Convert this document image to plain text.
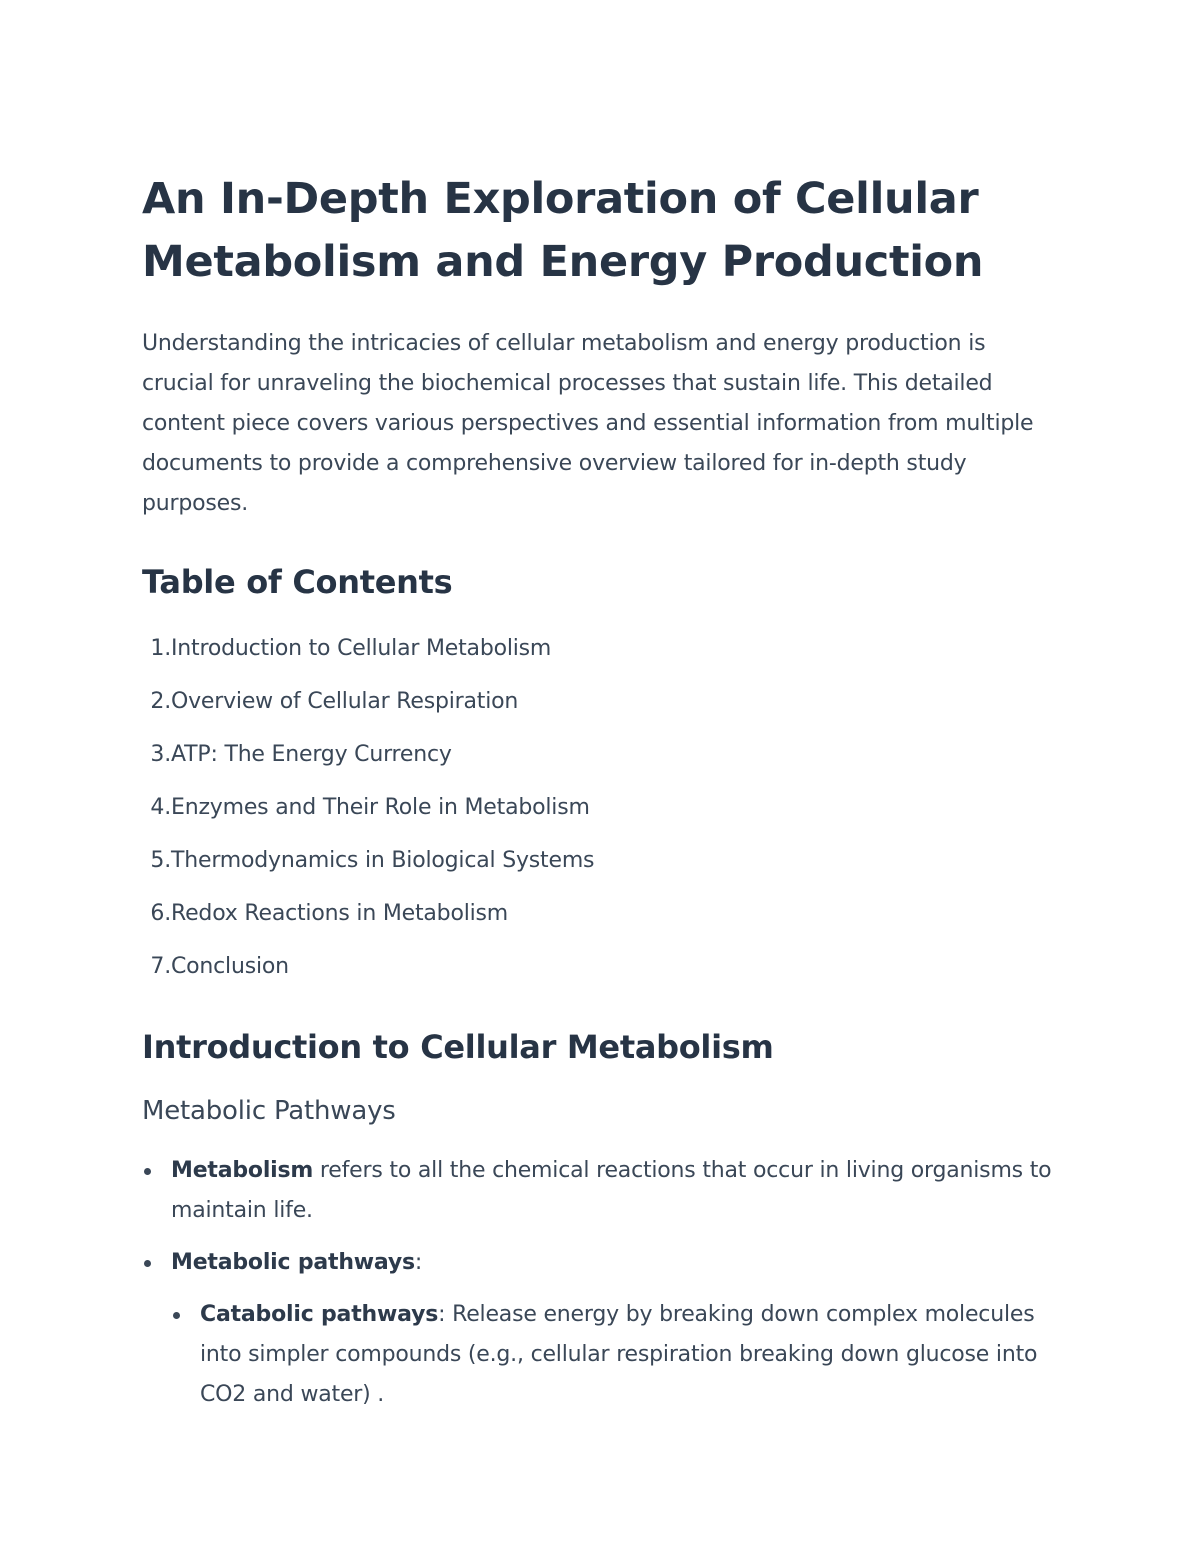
An In-Depth Exploration of Cellular Metabolism and Energy Production

Understanding the intricacies of cellular metabolism and energy production is crucial for unraveling the biochemical processes that sustain life. This detailed content piece covers various perspectives and essential information from multiple documents to provide a comprehensive overview tailored for in-depth study purposes.

Table of Contents
1. Introduction to Cellular Metabolism
2. Overview of Cellular Respiration
3. ATP: The Energy Currency
4. Enzymes and Their Role in Metabolism
5. Thermodynamics in Biological Systems
6. Redox Reactions in Metabolism
7. Conclusion
Introduction to Cellular Metabolism
Metabolic Pathways
Metabolism refers to all the chemical reactions that occur in living organisms to maintain life.
Metabolic pathways:
Catabolic pathways: Release energy by breaking down complex molecules into simpler compounds (e.g., cellular respiration breaking down glucose into CO2 and water) .
